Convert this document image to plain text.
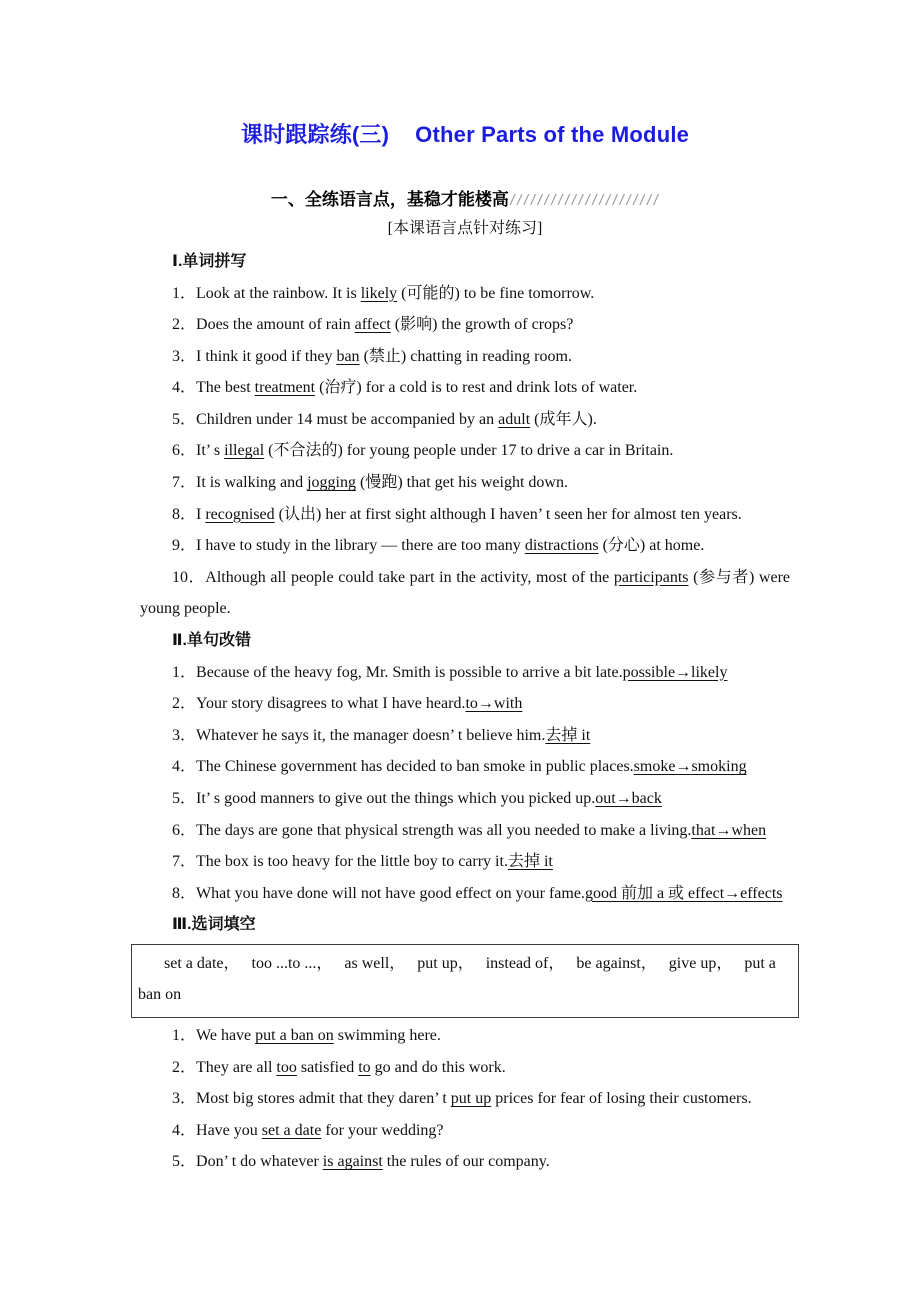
课时跟踪练(三) Other Parts of the Module
一、全练语言点，基稳才能楼高//////////////////////

[本课语言点针对练习]

Ⅰ.单词拼写

1．Look at the rainbow. It is likely (可能的) to be fine tomorrow.

2．Does the amount of rain affect (影响) the growth of crops?

3．I think it good if they ban (禁止) chatting in reading room.

4．The best treatment (治疗) for a cold is to rest and drink lots of water.

5．Children under 14 must be accompanied by an adult (成年人).

6．It’ s illegal (不合法的) for young people under 17 to drive a car in Britain.

7．It is walking and jogging (慢跑) that get his weight down.

8．I recognised (认出) her at first sight although I haven’ t seen her for almost ten years.

9．I have to study in the library — there are too many distractions (分心) at home.

10．Although all people could take part in the activity, most of the participants (参与者) were young people.

Ⅱ.单句改错

1．Because of the heavy fog, Mr. Smith is possible to arrive a bit late.possible→likely

2．Your story disagrees to what I have heard.to→with

3．Whatever he says it, the manager doesn’ t believe him.去掉 it

4．The Chinese government has decided to ban smoke in public places.smoke→smoking

5．It’ s good manners to give out the things which you picked up.out→back

6．The days are gone that physical strength was all you needed to make a living.that→when

7．The box is too heavy for the little boy to carry it.去掉 it

8．What you have done will not have good effect on your fame.good 前加 a 或 effect→effects

Ⅲ.选词填空

set a date，   too ...to ...，   as well，   put up，   instead of，   be against，   give up，   put a ban on

1．We have put a ban on swimming here.

2．They are all too satisfied to go and do this work.

3．Most big stores admit that they daren’ t put up prices for fear of losing their customers.

4．Have you set a date for your wedding?

5．Don’ t do whatever is against the rules of our company.
